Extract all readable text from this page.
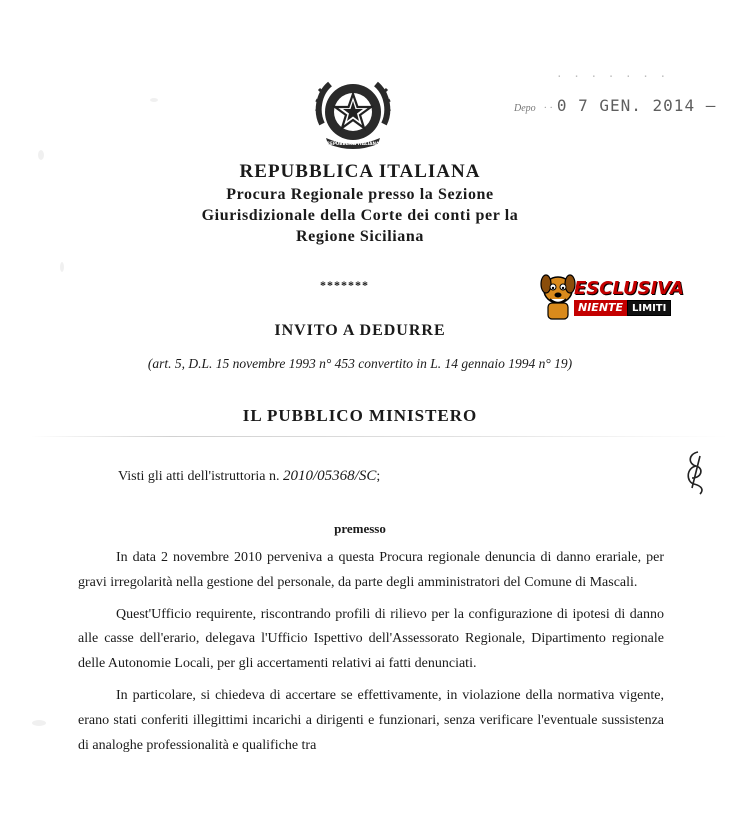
REPUBBLICA ITALIANA
· · · · · · ·
Depo · · 0 7 GEN. 2014 —

REPUBBLICA ITALIANA

Procura Regionale presso la Sezione

Giurisdizionale della Corte dei conti per la

Regione Siciliana

*******	ESCLUSIVA
NIENTE LIMITI
INVITO A DEDURRE
(art. 5, D.L. 15 novembre 1993 n° 453 convertito in L. 14 gennaio 1994 n° 19)
IL PUBBLICO MINISTERO
Visti gli atti dell'istruttoria n. 2010/05368/SC;
premesso

In data 2 novembre 2010 perveniva a questa Procura regionale denuncia di danno erariale, per gravi irregolarità nella gestione del personale, da parte degli amministratori del Comune di Mascali.

Quest'Ufficio requirente, riscontrando profili di rilievo per la configurazione di ipotesi di danno alle casse dell'erario, delegava l'Ufficio Ispettivo dell'Assessorato Regionale, Dipartimento regionale delle Autonomie Locali, per gli accertamenti relativi ai fatti denunciati.

In particolare, si chiedeva di accertare se effettivamente, in violazione della normativa vigente, erano stati conferiti illegittimi incarichi a dirigenti e funzionari, senza verificare l'eventuale sussistenza di analoghe professionalità e qualifiche tra
